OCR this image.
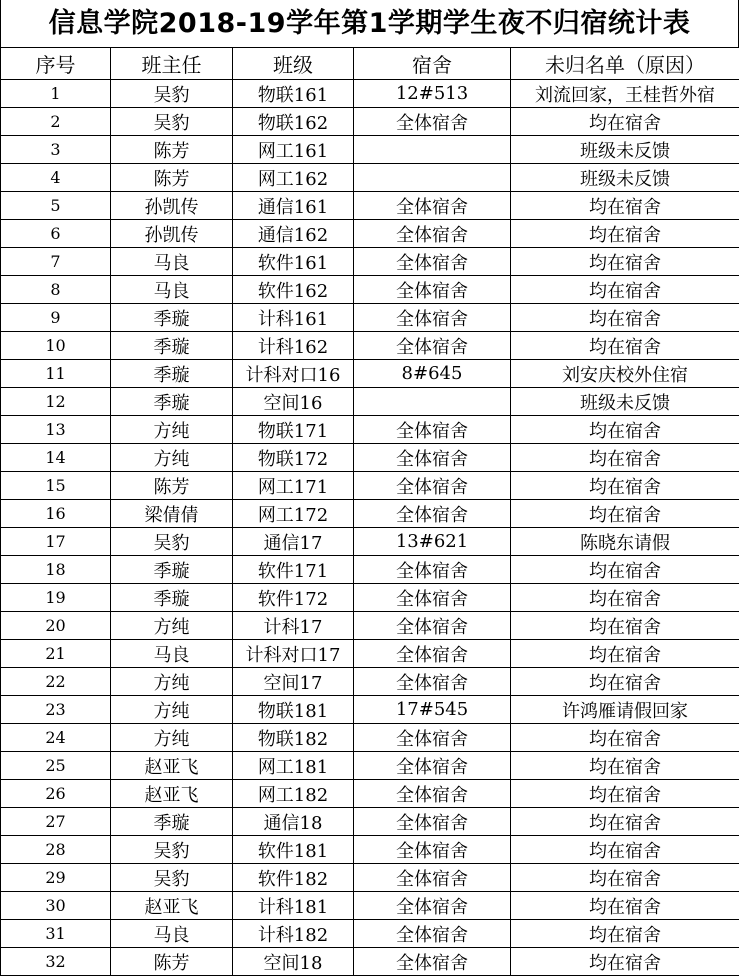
信息学院2018-19学年第1学期学生夜不归宿统计表
序号	班主任	班级	宿舍	未归名单（原因）
1	吴豹	物联161	12#513	刘流回家，王桂哲外宿
2	吴豹	物联162	全体宿舍	均在宿舍
3	陈芳	网工161		班级未反馈
4	陈芳	网工162		班级未反馈
5	孙凯传	通信161	全体宿舍	均在宿舍
6	孙凯传	通信162	全体宿舍	均在宿舍
7	马良	软件161	全体宿舍	均在宿舍
8	马良	软件162	全体宿舍	均在宿舍
9	季璇	计科161	全体宿舍	均在宿舍
10	季璇	计科162	全体宿舍	均在宿舍
11	季璇	计科对口16	8#645	刘安庆校外住宿
12	季璇	空间16		班级未反馈
13	方纯	物联171	全体宿舍	均在宿舍
14	方纯	物联172	全体宿舍	均在宿舍
15	陈芳	网工171	全体宿舍	均在宿舍
16	梁倩倩	网工172	全体宿舍	均在宿舍
17	吴豹	通信17	13#621	陈晓东请假
18	季璇	软件171	全体宿舍	均在宿舍
19	季璇	软件172	全体宿舍	均在宿舍
20	方纯	计科17	全体宿舍	均在宿舍
21	马良	计科对口17	全体宿舍	均在宿舍
22	方纯	空间17	全体宿舍	均在宿舍
23	方纯	物联181	17#545	许鸿雁请假回家
24	方纯	物联182	全体宿舍	均在宿舍
25	赵亚飞	网工181	全体宿舍	均在宿舍
26	赵亚飞	网工182	全体宿舍	均在宿舍
27	季璇	通信18	全体宿舍	均在宿舍
28	吴豹	软件181	全体宿舍	均在宿舍
29	吴豹	软件182	全体宿舍	均在宿舍
30	赵亚飞	计科181	全体宿舍	均在宿舍
31	马良	计科182	全体宿舍	均在宿舍
32	陈芳	空间18	全体宿舍	均在宿舍
